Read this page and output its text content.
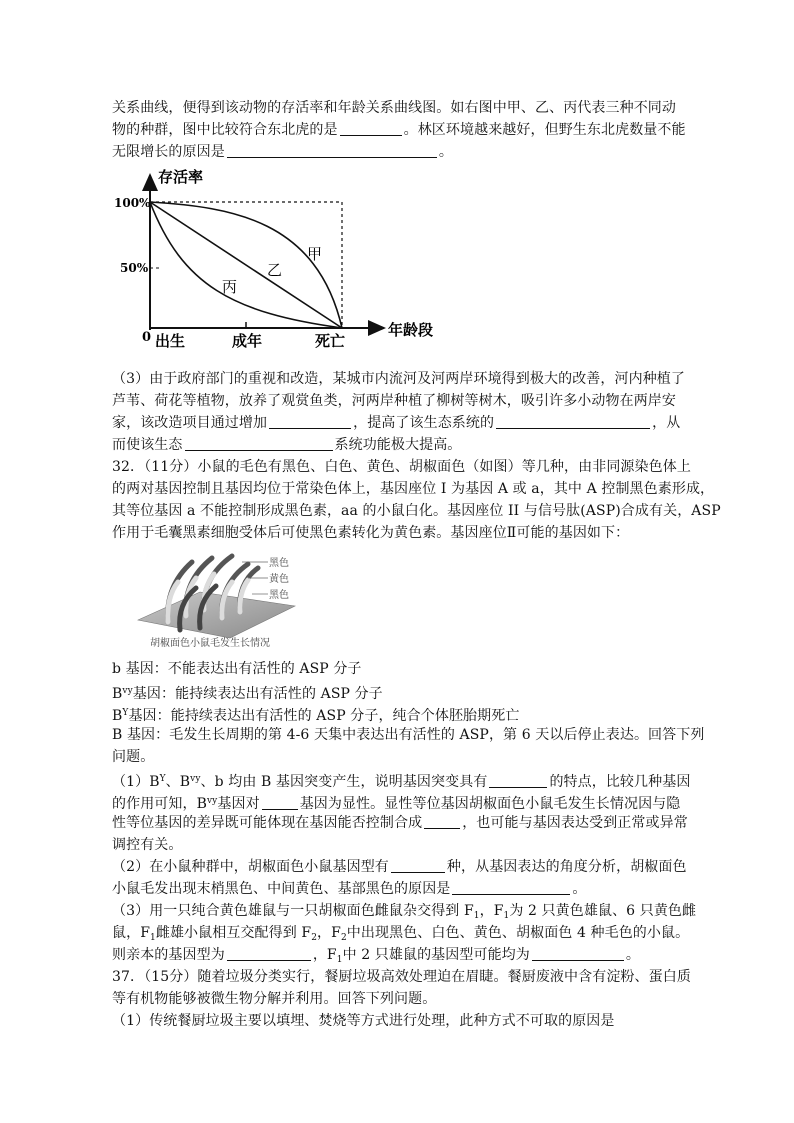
关系曲线，便得到该动物的存活率和年龄关系曲线图。如右图中甲、乙、丙代表三种不同动
物的种群，图中比较符合东北虎的是	。林区环境越来越好，但野生东北虎数量不能
无限增长的原因是	。
存活率
年龄段
100%
50%
0 出生	成年	死亡
甲
乙
丙
（3）由于政府部门的重视和改造，某城市内流河及河两岸环境得到极大的改善，河内种植了
芦苇、荷花等植物，放养了观赏鱼类，河两岸种植了柳树等树木，吸引许多小动物在两岸安
家，该改造项目通过增加	，提高了该生态系统的	，从
而使该生态	系统功能极大提高。
32．（11分）小鼠的毛色有黑色、白色、黄色、胡椒面色（如图）等几种，由非同源染色体上
的两对基因控制且基因均位于常染色体上，基因座位 I 为基因 A 或 a，其中 A 控制黑色素形成，
其等位基因 a 不能控制形成黑色素，aa 的小鼠白化。基因座位 II 与信号肽(ASP)合成有关，ASP
作用于毛囊黑素细胞受体后可使黑色素转化为黄色素。基因座位Ⅱ可能的基因如下：
黑色
黄色
黑色
胡椒面色小鼠毛发生长情况
b 基因：不能表达出有活性的 ASP 分子
$B^{vy}$基因：能持续表达出有活性的 ASP 分子
$B^Y$基因：能持续表达出有活性的 ASP 分子，纯合个体胚胎期死亡
B 基因：毛发生长周期的第 4-6 天集中表达出有活性的 ASP，第 6 天以后停止表达。回答下列
问题。
$(1)B^Y$、$B^{vy}$、b 均由 B 基因突变产生，说明基因突变具有	的特点，比较几种基因
的作用可知，$B^{vy}$基因对	基因为显性。显性等位基因胡椒面色小鼠毛发生长情况因与隐
性等位基因的差异既可能体现在基因能否控制合成	，也可能与基因表达受到正常或异常
调控有关。
（2）在小鼠种群中，胡椒面色小鼠基因型有	种，从基因表达的角度分析，胡椒面色
小鼠毛发出现末梢黑色、中间黄色、基部黑色的原因是	。
（3）用一只纯合黄色雄鼠与一只胡椒面色雌鼠杂交得到 $F_1$，$F_1$为 2 只黄色雄鼠、6 只黄色雌
鼠，$F_1$雌雄小鼠相互交配得到 $F_2$，$F_2$中出现黑色、白色、黄色、胡椒面色 4 种毛色的小鼠。
则亲本的基因型为	，$F_1$中 2 只雄鼠的基因型可能均为	。
37．（15分）随着垃圾分类实行，餐厨垃圾高效处理迫在眉睫。餐厨废液中含有淀粉、蛋白质
等有机物能够被微生物分解并利用。回答下列问题。
（1）传统餐厨垃圾主要以填埋、焚烧等方式进行处理，此种方式不可取的原因是
